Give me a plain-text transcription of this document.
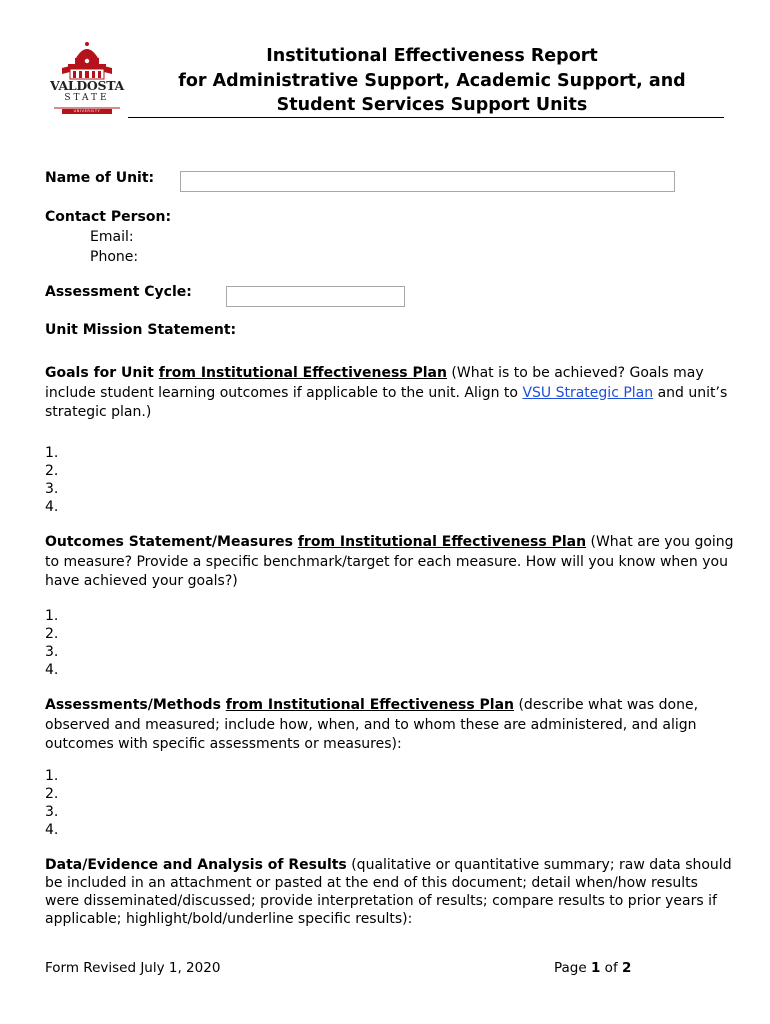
VALDOSTA
STATE
UNIVERSITY
Institutional Effectiveness Report
for Administrative Support, Academic Support, and
Student Services Support Units
Name of Unit:
Contact Person:
Email:
Phone:
Assessment Cycle:
Unit Mission Statement:
Goals for Unit from Institutional Effectiveness Plan (What is to be achieved? Goals may include student learning outcomes if applicable to the unit. Align to VSU Strategic Plan and unit’s strategic plan.)
1.
2.
3.
4.
Outcomes Statement/Measures from Institutional Effectiveness Plan (What are you going to measure? Provide a specific benchmark/target for each measure. How will you know when you have achieved your goals?)
1.
2.
3.
4.
Assessments/Methods from Institutional Effectiveness Plan (describe what was done, observed and measured; include how, when, and to whom these are administered, and align outcomes with specific assessments or measures):
1.
2.
3.
4.
Data/Evidence and Analysis of Results (qualitative or quantitative summary; raw data should be included in an attachment or pasted at the end of this document; detail when/how results were disseminated/discussed; provide interpretation of results; compare results to prior years if applicable; highlight/bold/underline specific results):
Form Revised July 1, 2020	Page 1 of 2
